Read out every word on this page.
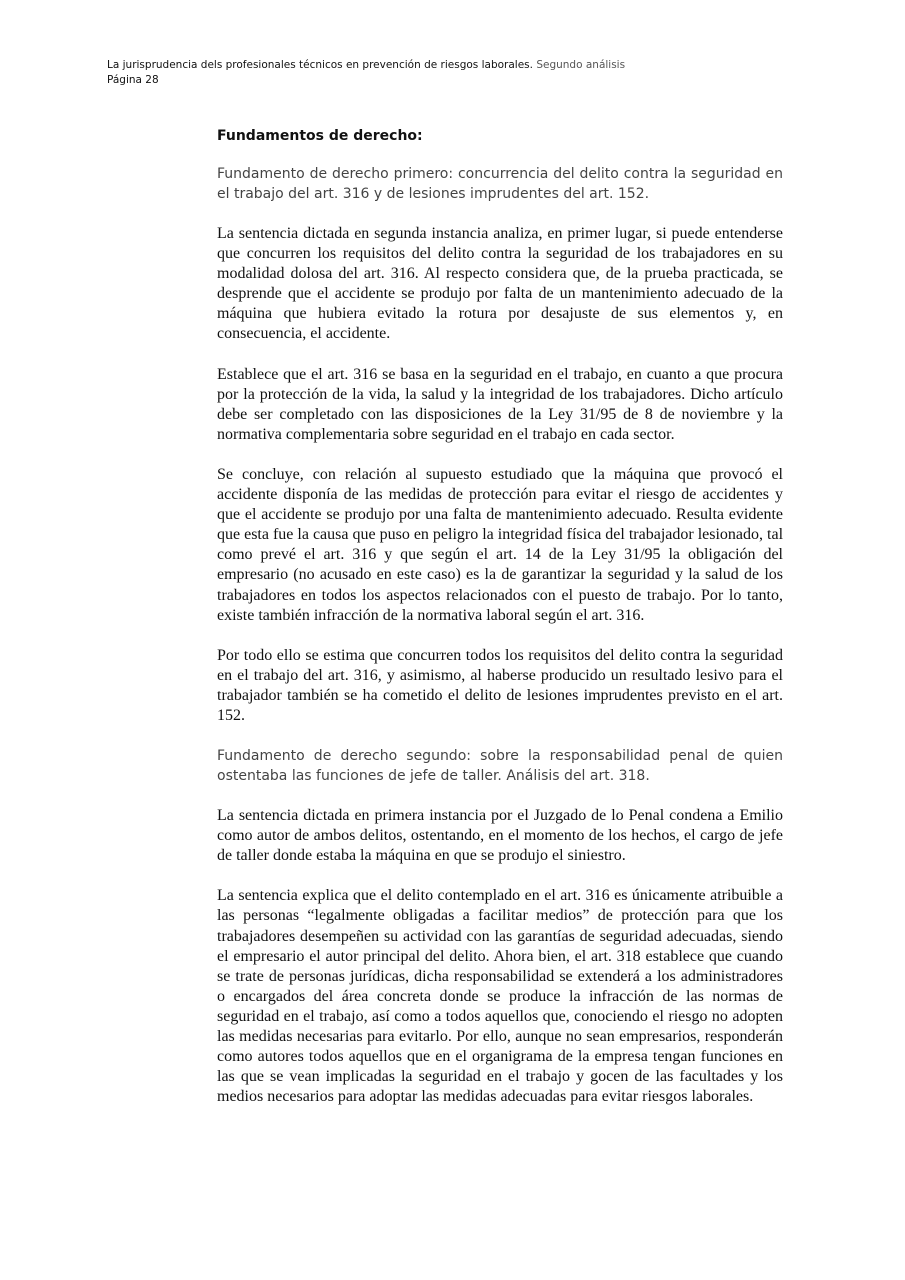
La jurisprudencia dels profesionales técnicos en prevención de riesgos laborales. Segundo análisis
Página 28
Fundamentos de derecho:

Fundamento de derecho primero: concurrencia del delito contra la seguridad en el trabajo del art. 316 y de lesiones imprudentes del art. 152.

La sentencia dictada en segunda instancia analiza, en primer lugar, si puede entenderse que concurren los requisitos del delito contra la seguridad de los trabajadores en su modalidad dolosa del art. 316. Al respecto considera que, de la prueba practicada, se desprende que el accidente se produjo por falta de un mantenimiento adecuado de la máquina que hubiera evitado la rotura por desajuste de sus elementos y, en consecuencia, el accidente.

Establece que el art. 316 se basa en la seguridad en el trabajo, en cuanto a que procura por la protección de la vida, la salud y la integridad de los trabajadores. Dicho artículo debe ser completado con las disposiciones de la Ley 31/95 de 8 de noviembre y la normativa complementaria sobre seguridad en el trabajo en cada sector.

Se concluye, con relación al supuesto estudiado que la máquina que provocó el accidente disponía de las medidas de protección para evitar el riesgo de accidentes y que el accidente se produjo por una falta de mantenimiento adecuado. Resulta evidente que esta fue la causa que puso en peligro la integridad física del trabajador lesionado, tal como prevé el art. 316 y que según el art. 14 de la Ley 31/95 la obligación del empresario (no acusado en este caso) es la de garantizar la seguridad y la salud de los trabajadores en todos los aspectos relacionados con el puesto de trabajo. Por lo tanto, existe también infracción de la normativa laboral según el art. 316.

Por todo ello se estima que concurren todos los requisitos del delito contra la seguridad en el trabajo del art. 316, y asimismo, al haberse producido un resultado lesivo para el trabajador también se ha cometido el delito de lesiones imprudentes previsto en el art. 152.

Fundamento de derecho segundo: sobre la responsabilidad penal de quien ostentaba las funciones de jefe de taller. Análisis del art. 318.

La sentencia dictada en primera instancia por el Juzgado de lo Penal condena a Emilio como autor de ambos delitos, ostentando, en el momento de los hechos, el cargo de jefe de taller donde estaba la máquina en que se produjo el siniestro.

La sentencia explica que el delito contemplado en el art. 316 es únicamente atribuible a las personas “legalmente obligadas a facilitar medios” de protección para que los trabajadores desempeñen su actividad con las garantías de seguridad adecuadas, siendo el empresario el autor principal del delito. Ahora bien, el art. 318 establece que cuando se trate de personas jurídicas, dicha responsabilidad se extenderá a los administradores o encargados del área concreta donde se produce la infracción de las normas de seguridad en el trabajo, así como a todos aquellos que, conociendo el riesgo no adopten las medidas necesarias para evitarlo. Por ello, aunque no sean empresarios, responderán como autores todos aquellos que en el organigrama de la empresa tengan funciones en las que se vean implicadas la seguridad en el trabajo y gocen de las facultades y los medios necesarios para adoptar las medidas adecuadas para evitar riesgos laborales.
